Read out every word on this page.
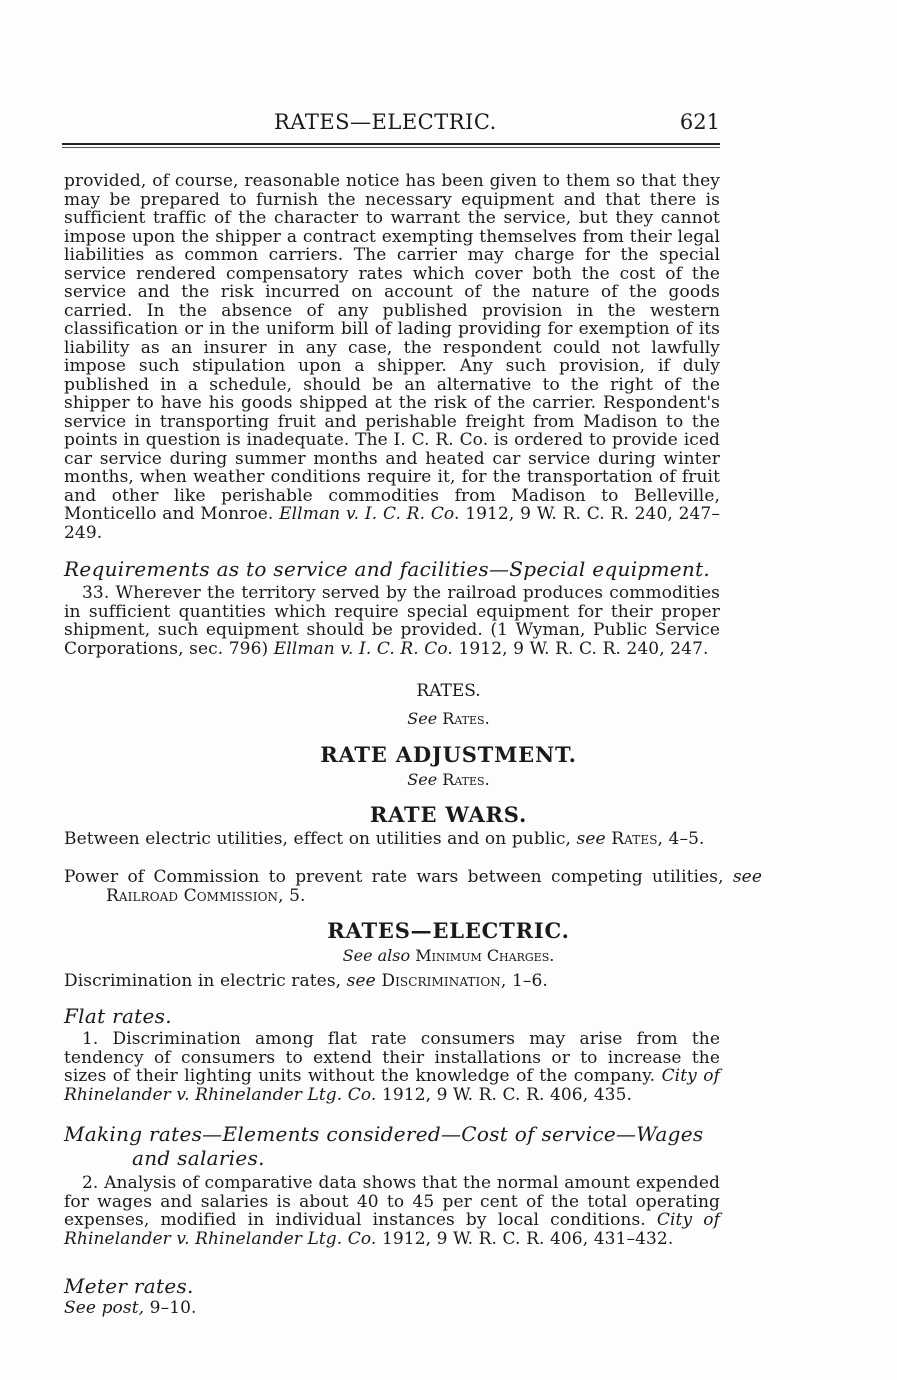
RATES—ELECTRIC.	621

provided, of course, reasonable notice has been given to them so that they may be prepared to furnish the necessary equipment and that there is sufficient traffic of the character to warrant the service, but they cannot impose upon the shipper a contract exempting themselves from their legal liabilities as common carriers. The carrier may charge for the special service rendered compensatory rates which cover both the cost of the service and the risk incurred on account of the nature of the goods carried. In the absence of any published provision in the western classification or in the uniform bill of lading providing for exemption of its liability as an insurer in any case, the respondent could not lawfully impose such stipulation upon a shipper. Any such provision, if duly published in a schedule, should be an alternative to the right of the shipper to have his goods shipped at the risk of the carrier. Respondent's service in transporting fruit and perishable freight from Madison to the points in question is inadequate. The I. C. R. Co. is ordered to provide iced car service during summer months and heated car service during winter months, when weather conditions require it, for the transportation of fruit and other like perishable commodities from Madison to Belleville, Monticello and Monroe. Ellman v. I. C. R. Co. 1912, 9 W. R. C. R. 240, 247–249.

Requirements as to service and facilities—Special equipment.

33. Wherever the territory served by the railroad produces commodities in sufficient quantities which require special equipment for their proper shipment, such equipment should be provided. (1 Wyman, Public Service Corporations, sec. 796) Ellman v. I. C. R. Co. 1912, 9 W. R. C. R. 240, 247.

RATES.
See Rates.
RATE ADJUSTMENT.
See Rates.
RATE WARS.

Between electric utilities, effect on utilities and on public, see Rates, 4–5.

Power of Commission to prevent rate wars between competing utilities, see Railroad Commission, 5.

RATES—ELECTRIC.
See also Minimum Charges.

Discrimination in electric rates, see Discrimination, 1–6.

Flat rates.

1. Discrimination among flat rate consumers may arise from the tendency of consumers to extend their installations or to increase the sizes of their lighting units without the knowledge of the company. City of Rhinelander v. Rhinelander Ltg. Co. 1912, 9 W. R. C. R. 406, 435.

Making rates—Elements considered—Cost of service—Wages
and salaries.

2. Analysis of comparative data shows that the normal amount expended for wages and salaries is about 40 to 45 per cent of the total operating expenses, modified in individual instances by local conditions. City of Rhinelander v. Rhinelander Ltg. Co. 1912, 9 W. R. C. R. 406, 431–432.

Meter rates.

See post, 9–10.
